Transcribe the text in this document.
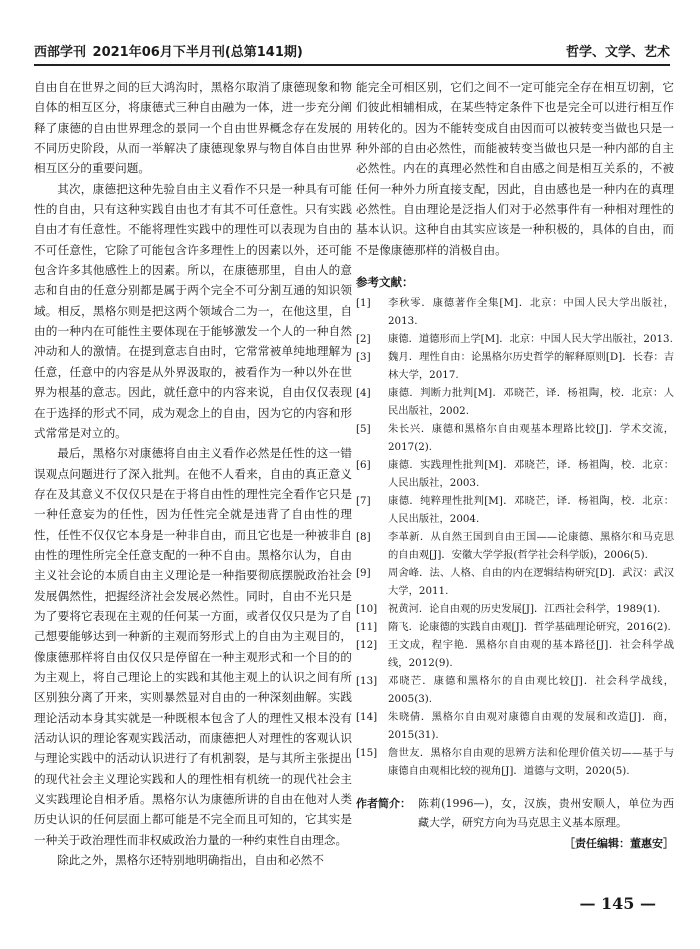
西部学刊 2021年06月下半月刊(总第141期)	哲学、文学、艺术

自由自在世界之间的巨大鸿沟时，黑格尔取消了康德现象和物自体的相互区分，将康德式三种自由融为一体，进一步充分阐释了康德的自由世界理念的景同一个自由世界概念存在发展的不同历史阶段，从而一举解决了康德现象界与物自体自由世界相互区分的重要问题。

其次，康德把这种先验自由主义看作不只是一种具有可能性的自由，只有这种实践自由也才有其不可任意性。只有实践自由才有任意性。不能将理性实践中的理性可以表现为自由的不可任意性，它除了可能包含许多理性上的因素以外，还可能包含许多其他感性上的因素。所以，在康德那里，自由人的意志和自由的任意分别都是属于两个完全不可分割互通的知识领域。相反，黑格尔则是把这两个领域合二为一，在他这里，自由的一种内在可能性主要体现在于能够激发一个人的一种自然冲动和人的激情。在提到意志自由时，它常常被单纯地理解为任意，任意中的内容是从外界汲取的，被看作为一种以外在世界为根基的意志。因此，就任意中的内容来说，自由仅仅表现在于选择的形式不同，成为观念上的自由，因为它的内容和形式常常是对立的。

最后，黑格尔对康德将自由主义看作必然是任性的这一错误观点问题进行了深入批判。在他不人看来，自由的真正意义存在及其意义不仅仅只是在于将自由性的理性完全看作它只是一种任意妄为的任性，因为任性完全就是违背了自由性的理性，任性不仅仅它本身是一种非自由，而且它也是一种被非自由性的理性所完全任意支配的一种不自由。黑格尔认为，自由主义社会论的本质自由主义理论是一种指要彻底摆脱政治社会发展偶然性，把握经济社会发展必然性。同时，自由不光只是为了要将它表现在主观的任何某一方面，或者仅仅只是为了自己想要能够达到一种新的主观而努形式上的自由为主观目的，像康德那样将自由仅仅只是停留在一种主观形式和一个目的的为主观上，将自己理论上的实践和其他主观上的认识之间有所区别独分离了开来，实则暴然显对自由的一种深刻曲解。实践理论活动本身其实就是一种既根本包含了人的理性又根本没有活动认识的理论客观实践活动，而康德把人对理性的客观认识与理论实践中的活动认识进行了有机割裂，是与其所主张提出的现代社会主义理论实践和人的理性相有机统一的现代社会主义实践理论自相矛盾。黑格尔认为康德所讲的自由在他对人类历史认识的任何层面上都可能是不完全而且可知的，它其实是一种关于政治理性而非权威政治力量的一种约束性自由理念。

除此之外，黑格尔还特别地明确指出，自由和必然不

能完全可相区别，它们之间不一定可能完全存在相互切割，它们彼此相辅相成，在某些特定条件下也是完全可以进行相互作用转化的。因为不能转变成自由因而可以被转变当做也只是一种外部的自由必然性，而能被转变当做也只是一种内部的自主必然性。内在的真理必然性和自由感之间是相互关系的，不被任何一种外力所直接支配，因此，自由感也是一种内在的真理必然性。自由理论是泛指人们对于必然事件有一种相对理性的基本认识。这种自由其实应该是一种积极的，具体的自由，而不是像康德那样的消极自由。

参考文献：
[1]	李秋零．康德著作全集[M]．北京：中国人民大学出版社，2013.
[2]	康德．道德形而上学[M]．北京：中国人民大学出版社，2013.
[3]	魏月．理性自由：论黑格尔历史哲学的解释原则[D]．长春：吉林大学，2017.
[4]	康德．判断力批判[M]．邓晓芒，译．杨祖陶，校．北京：人民出版社，2002.
[5]	朱长兴．康德和黑格尔自由观基本理路比较[J]．学术交流，2017(2).
[6]	康德．实践理性批判[M]．邓晓芒，译．杨祖陶，校．北京：人民出版社，2003.
[7]	康德．纯粹理性批判[M]．邓晓芒，译．杨祖陶，校．北京：人民出版社，2004.
[8]	李革新．从自然王国到自由王国——论康德、黑格尔和马克思的自由观[J]．安徽大学学报(哲学社会科学版)，2006(5).
[9]	周舍峰．法、人格、自由的内在逻辑结构研究[D]．武汉：武汉大学，2011.
[10]	祝黄河．论自由观的历史发展[J]．江西社会科学，1989(1).
[11]	隋飞．论康德的实践自由观[J]．哲学基础理论研究，2016(2).
[12]	王文成，程宇艳．黑格尔自由观的基本路径[J]．社会科学战线，2012(9).
[13]	邓晓芒．康德和黑格尔的自由观比较[J]．社会科学战线，2005(3).
[14]	朱晓倩．黑格尔自由观对康德自由观的发展和改造[J]．商，2015(31).
[15]	詹世友．黑格尔自由观的思辨方法和伦理价值关切——基于与康德自由观相比较的视角[J]．道德与文明，2020(5).
作者简介： 陈莉(1996—)，女，汉族，贵州安顺人，单位为西藏大学，研究方向为马克思主义基本原理。
［责任编辑：董惠安］
— 145 —
